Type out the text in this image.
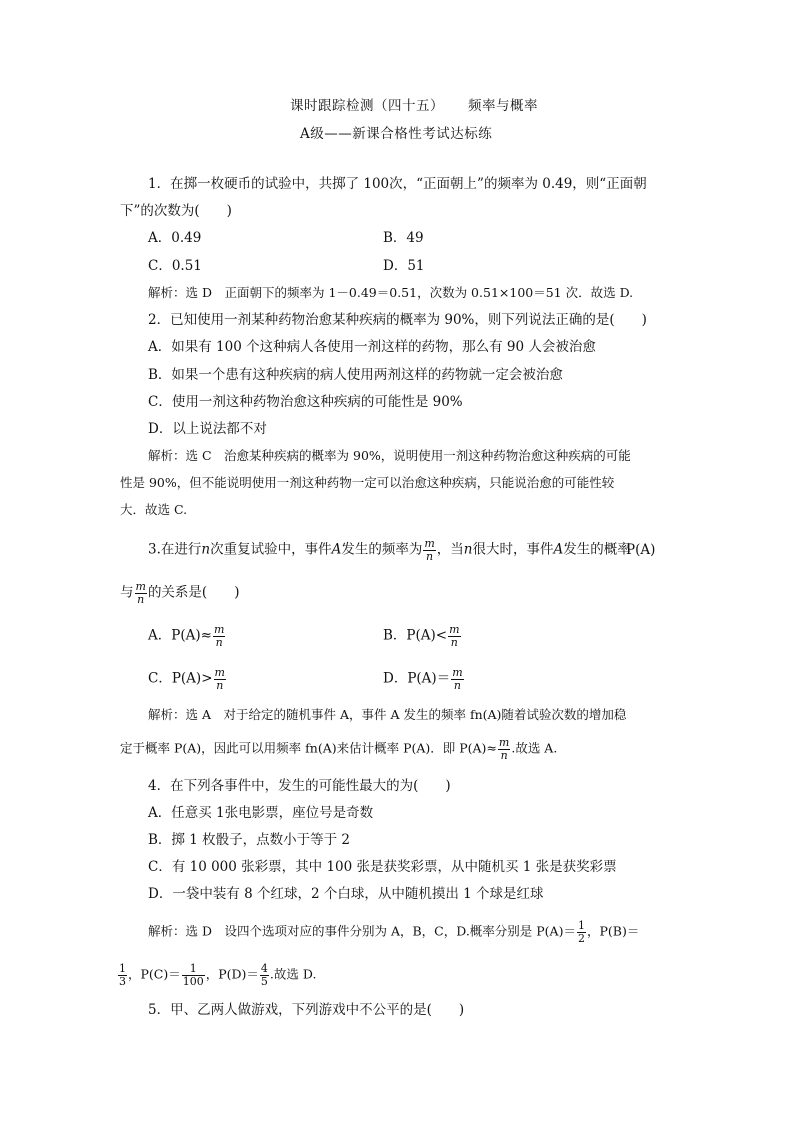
课时跟踪检测（四十五） 频率与概率
A级——新课合格性考试达标练
1．在掷一枚硬币的试验中，共掷了 100次，“正面朝上”的频率为 0.49，则“正面朝
下”的次数为(　　)
A．0.49	B．49
C．0.51	D．51
解析：选 D　正面朝下的频率为 1－0.49＝0.51，次数为 0.51×100＝51 次．故选 D.
2．已知使用一剂某种药物治愈某种疾病的概率为 90%，则下列说法正确的是(　　)
A．如果有 100 个这种病人各使用一剂这样的药物，那么有 90 人会被治愈
B．如果一个患有这种疾病的病人使用两剂这样的药物就一定会被治愈
C．使用一剂这种药物治愈这种疾病的可能性是 90%
D．以上说法都不对
解析：选 C　治愈某种疾病的概率为 90%，说明使用一剂这种药物治愈这种疾病的可能
性是 90%，但不能说明使用一剂这种药物一定可以治愈这种疾病，只能说治愈的可能性较
大．故选 C.
3.在进行n次重复试验中，事件A发生的频率为 $\frac{m}{n}$ ，当n很大时，事件A发生的概率
P(A)
与 $\frac{m}{n}$ 的关系是(　　)
A．$P(A)\approx \frac{m}{n}$	B．$P(A)< \frac{m}{n}$
C．$P(A)> \frac{m}{n}$	D．$P(A)= \frac{m}{n}$
解析：选 A　对于给定的随机事件 A，事件 A 发生的频率 fn(A)随着试验次数的增加稳
定于概率 P(A)，因此可以用频率 fn(A)来估计概率 P(A)．即 $P(A)\approx \frac{m}{n}$ .故选 A.
4．在下列各事件中，发生的可能性最大的为(　　)
A．任意买 1张电影票，座位号是奇数
B．掷 1 枚骰子，点数小于等于 2
C．有 10 000 张彩票，其中 100 张是获奖彩票，从中随机买 1 张是获奖彩票
D．一袋中装有 8 个红球，2 个白球，从中随机摸出 1 个球是红球
解析：选 D　设四个选项对应的事件分别为 A，B，C，D.概率分别是 $P(A)= \frac{1}{2}$ ，P(B)＝
$\frac{1}{3}$ ，$P(C)= \frac{1}{100}$ ，$P(D)= \frac{4}{5}$ .故选 D.
5．甲、乙两人做游戏，下列游戏中不公平的是(　　)
